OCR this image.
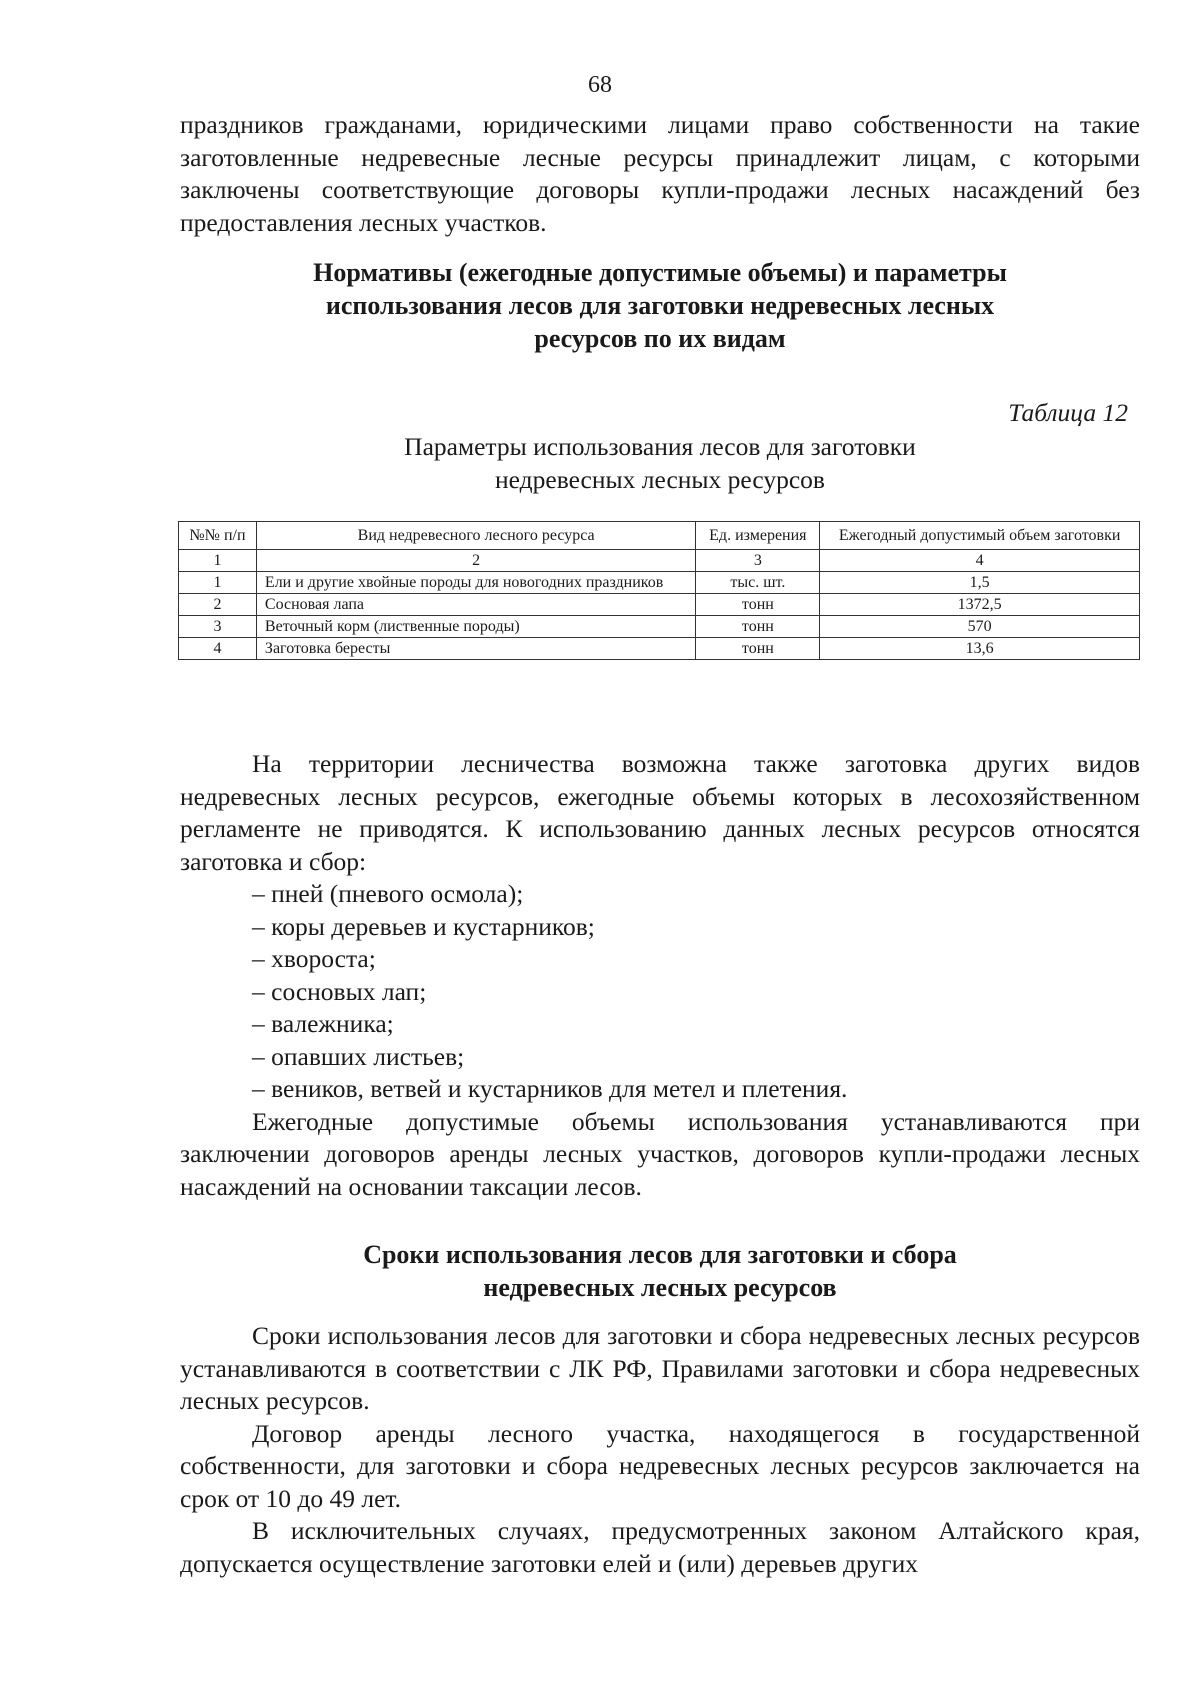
68

праздников гражданами, юридическими лицами право собственности на такие заготовленные недревесные лесные ресурсы принадлежит лицам, с которыми заключены соответствующие договоры купли-продажи лесных насаждений без предоставления лесных участков.

Нормативы (ежегодные допустимые объемы) и параметры
использования лесов для заготовки недревесных лесных
ресурсов по их видам
Таблица 12
Параметры использования лесов для заготовки
недревесных лесных ресурсов
№№ п/п	Вид недревесного лесного ресурса	Ед. измерения	Ежегодный допустимый объем заготовки
1	2	3	4
1	Ели и другие хвойные породы для новогодних праздников	тыс. шт.	1,5
2	Сосновая лапа	тонн	1372,5
3	Веточный корм (лиственные породы)	тонн	570
4	Заготовка бересты	тонн	13,6

На территории лесничества возможна также заготовка других видов недревесных лесных ресурсов, ежегодные объемы которых в лесохозяйственном регламенте не приводятся. К использованию данных лесных ресурсов относятся заготовка и сбор:

– пней (пневого осмола);
– коры деревьев и кустарников;
– хвороста;
– сосновых лап;
– валежника;
– опавших листьев;
– веников, ветвей и кустарников для метел и плетения.

Ежегодные допустимые объемы использования устанавливаются при заключении договоров аренды лесных участков, договоров купли-продажи лесных насаждений на основании таксации лесов.

Сроки использования лесов для заготовки и сбора
недревесных лесных ресурсов

Сроки использования лесов для заготовки и сбора недревесных лесных ресурсов устанавливаются в соответствии с ЛК РФ, Правилами заготовки и сбора недревесных лесных ресурсов.

Договор аренды лесного участка, находящегося в государственной собственности, для заготовки и сбора недревесных лесных ресурсов заключается на срок от 10 до 49 лет.

В исключительных случаях, предусмотренных законом Алтайского края, допускается осуществление заготовки елей и (или) деревьев других
